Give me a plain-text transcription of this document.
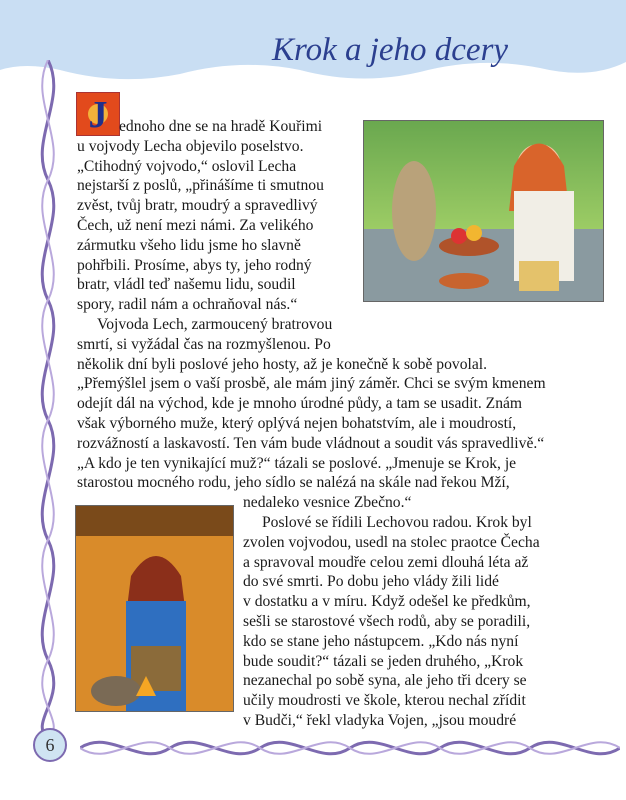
Krok a jeho dcery
J ednoho dne se na hradě Kouřimi
u vojvody Lecha objevilo poselstvo.
„Ctihodný vojvodo,“ oslovil Lecha
nejstarší z poslů, „přinášíme ti smutnou
zvěst, tvůj bratr, moudrý a spravedlivý
Čech, už není mezi námi. Za velikého
zármutku všeho lidu jsme ho slavně
pohřbili. Prosíme, abys ty, jeho rodný
bratr, vládl teď našemu lidu, soudil
spory, radil nám a ochraňoval nás.“
Vojvoda Lech, zarmoucený bratrovou
smrtí, si vyžádal čas na rozmyšlenou. Po
několik dní byli poslové jeho hosty, až je konečně k sobě povolal.
„Přemýšlel jsem o vaší prosbě, ale mám jiný záměr. Chci se svým kmenem
odejít dál na východ, kde je mnoho úrodné půdy, a tam se usadit. Znám
však výborného muže, který oplývá nejen bohatstvím, ale i moudrostí,
rozvážností a laskavostí. Ten vám bude vládnout a soudit vás spravedlivě.“
„A kdo je ten vynikající muž?“ tázali se poslové. „Jmenuje se Krok, je
starostou mocného rodu, jeho sídlo se nalézá na skále nad řekou Mží,
nedaleko vesnice Zbečno.“
Poslové se řídili Lechovou radou. Krok byl
zvolen vojvodou, usedl na stolec praotce Čecha
a spravoval moudře celou zemi dlouhá léta až
do své smrti. Po dobu jeho vlády žili lidé
v dostatku a v míru. Když odešel ke předkům,
sešli se starostové všech rodů, aby se poradili,
kdo se stane jeho nástupcem. „Kdo nás nyní
bude soudit?“ tázali se jeden druhého, „Krok
nezanechal po sobě syna, ale jeho tři dcery se
učily moudrosti ve škole, kterou nechal zřídit
v Budči,“ řekl vladyka Vojen, „jsou moudré
6
